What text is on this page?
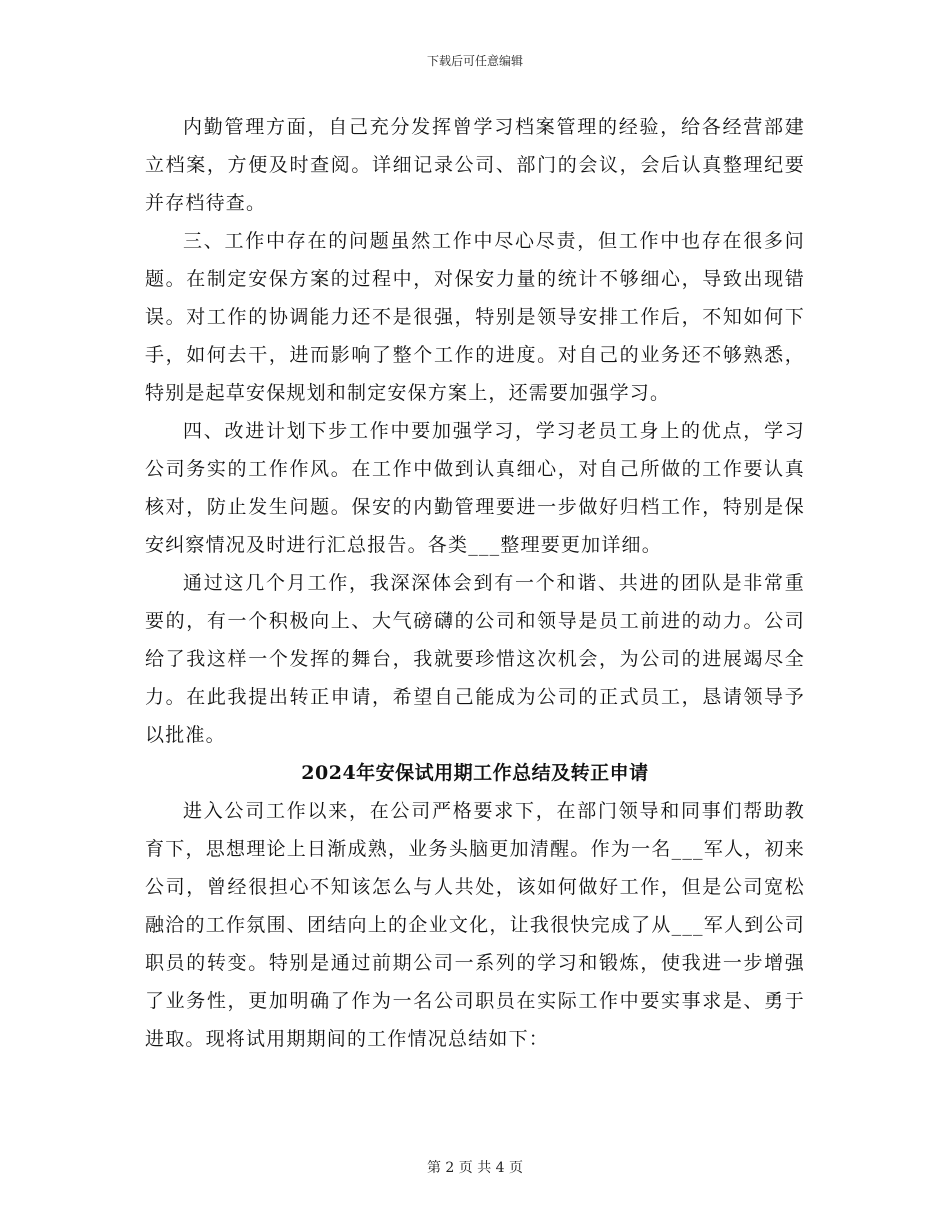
下载后可任意编辑

内勤管理方面，自己充分发挥曾学习档案管理的经验，给各经营部建立档案，方便及时查阅。详细记录公司、部门的会议，会后认真整理纪要并存档待查。

三、工作中存在的问题虽然工作中尽心尽责，但工作中也存在很多问题。在制定安保方案的过程中，对保安力量的统计不够细心，导致出现错误。对工作的协调能力还不是很强，特别是领导安排工作后，不知如何下手，如何去干，进而影响了整个工作的进度。对自己的业务还不够熟悉，特别是起草安保规划和制定安保方案上，还需要加强学习。

四、改进计划下步工作中要加强学习，学习老员工身上的优点，学习公司务实的工作作风。在工作中做到认真细心，对自己所做的工作要认真核对，防止发生问题。保安的内勤管理要进一步做好归档工作，特别是保安纠察情况及时进行汇总报告。各类___整理要更加详细。

通过这几个月工作，我深深体会到有一个和谐、共进的团队是非常重要的，有一个积极向上、大气磅礴的公司和领导是员工前进的动力。公司给了我这样一个发挥的舞台，我就要珍惜这次机会，为公司的进展竭尽全力。在此我提出转正申请，希望自己能成为公司的正式员工，恳请领导予以批准。

2024年安保试用期工作总结及转正申请

进入公司工作以来，在公司严格要求下，在部门领导和同事们帮助教育下，思想理论上日渐成熟，业务头脑更加清醒。作为一名___军人，初来公司，曾经很担心不知该怎么与人共处，该如何做好工作，但是公司宽松融洽的工作氛围、团结向上的企业文化，让我很快完成了从___军人到公司职员的转变。特别是通过前期公司一系列的学习和锻炼，使我进一步增强了业务性，更加明确了作为一名公司职员在实际工作中要实事求是、勇于进取。现将试用期期间的工作情况总结如下：

第 2 页 共 4 页
